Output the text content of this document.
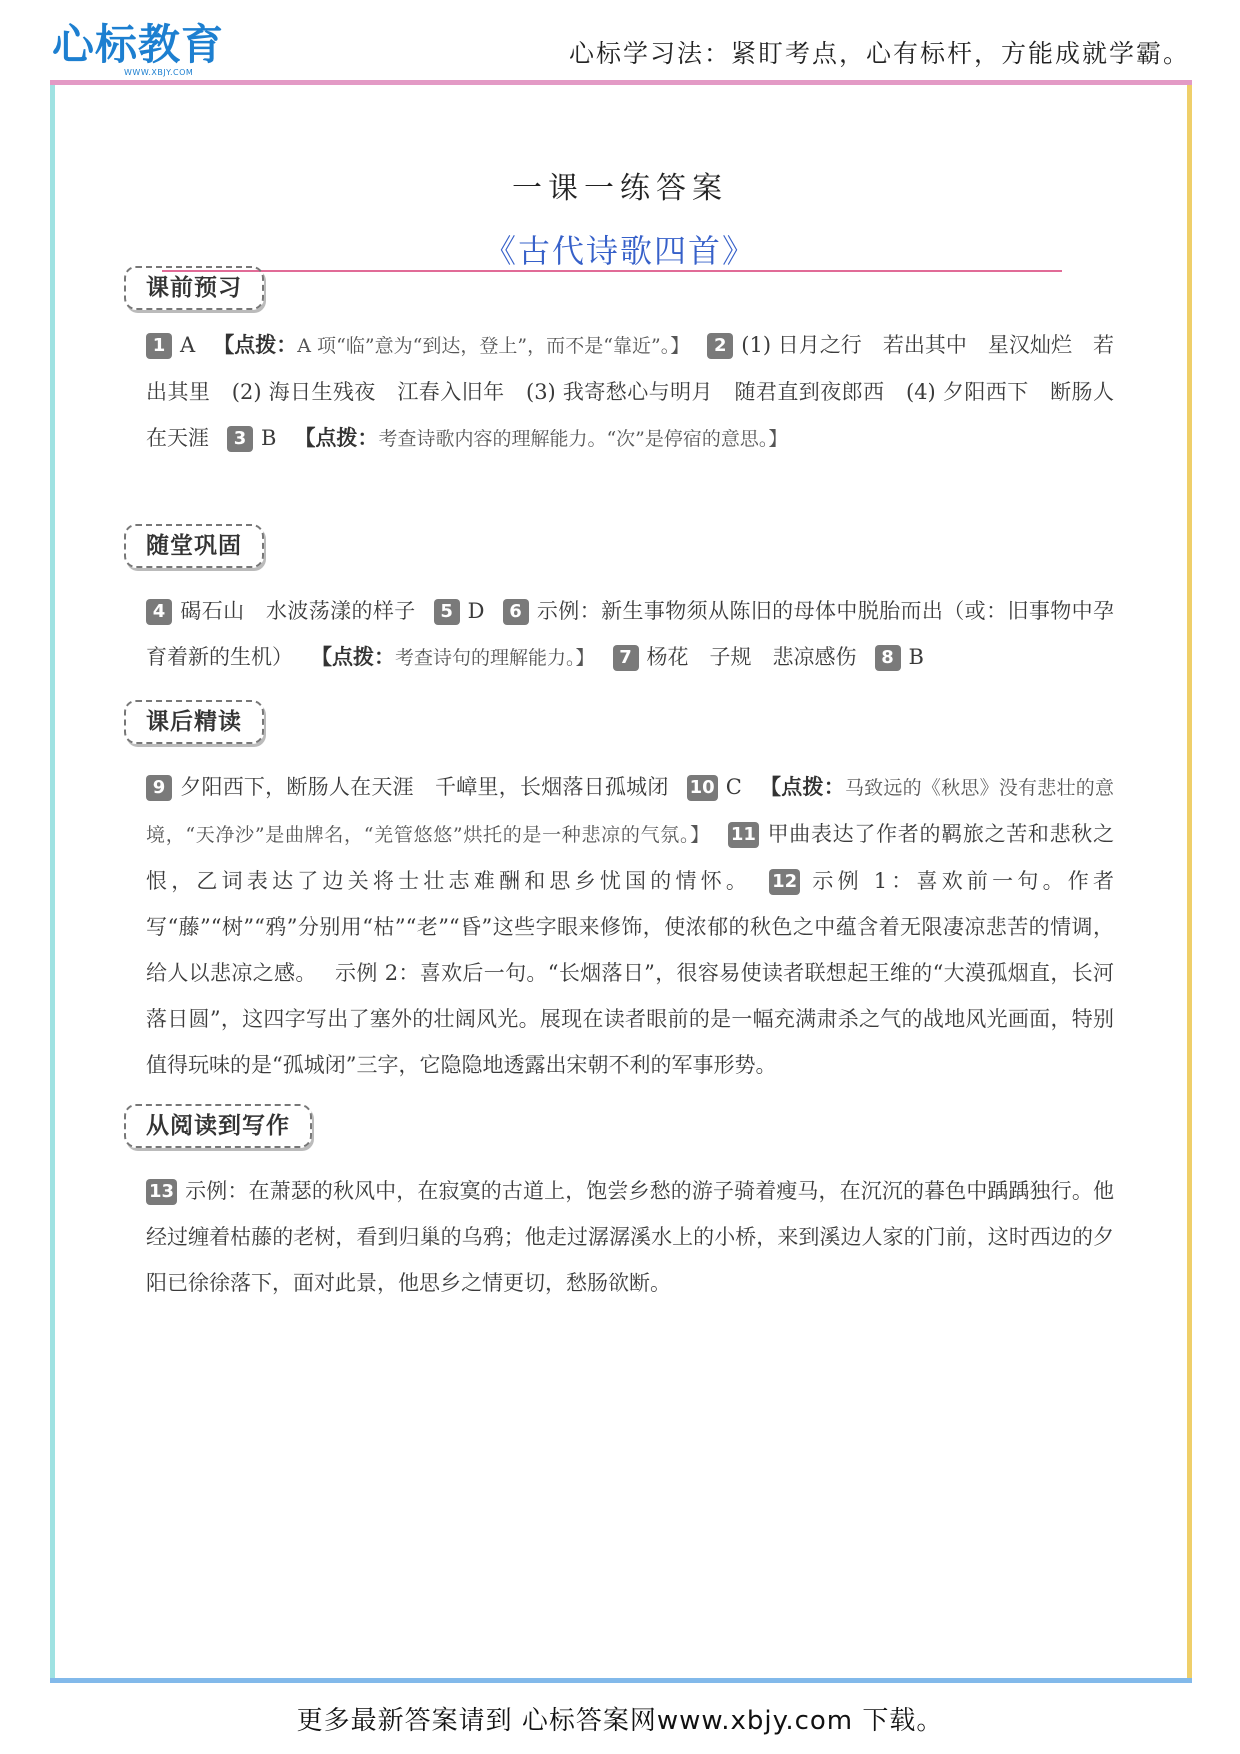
心标教育
WWW.XBJY.COM
心标学习法：紧盯考点，心有标杆，方能成就学霸。
一课一练答案
《古代诗歌四首》
课前预习
1 A 【点拨：A 项“临”意为“到达，登上”，而不是“靠近”。】 2 (1) 日月之行　若出其中　星汉灿烂　若出其里　(2) 海日生残夜　江春入旧年　(3) 我寄愁心与明月　随君直到夜郎西　(4) 夕阳西下　断肠人在天涯 3 B 【点拨：考查诗歌内容的理解能力。“次”是停宿的意思。】
随堂巩固
4 碣石山　水波荡漾的样子 5 D 6 示例：新生事物须从陈旧的母体中脱胎而出（或：旧事物中孕育着新的生机） 【点拨：考查诗句的理解能力。】 7 杨花　子规　悲凉感伤 8 B
课后精读
9 夕阳西下，断肠人在天涯　千嶂里，长烟落日孤城闭 10 C 【点拨：马致远的《秋思》没有悲壮的意境，“天净沙”是曲牌名，“羌管悠悠”烘托的是一种悲凉的气氛。】 11 甲曲表达了作者的羁旅之苦和悲秋之恨，乙词表达了边关将士壮志难酬和思乡忧国的情怀。 12 示例 1：喜欢前一句。作者写“藤”“树”“鸦”分别用“枯”“老”“昏”这些字眼来修饰，使浓郁的秋色之中蕴含着无限凄凉悲苦的情调，给人以悲凉之感。 示例 2：喜欢后一句。“长烟落日”，很容易使读者联想起王维的“大漠孤烟直，长河落日圆”，这四字写出了塞外的壮阔风光。展现在读者眼前的是一幅充满肃杀之气的战地风光画面，特别值得玩味的是“孤城闭”三字，它隐隐地透露出宋朝不利的军事形势。
从阅读到写作
13 示例：在萧瑟的秋风中，在寂寞的古道上，饱尝乡愁的游子骑着瘦马，在沉沉的暮色中踽踽独行。他经过缠着枯藤的老树，看到归巢的乌鸦；他走过潺潺溪水上的小桥，来到溪边人家的门前，这时西边的夕阳已徐徐落下，面对此景，他思乡之情更切，愁肠欲断。
更多最新答案请到 心标答案网www.xbjy.com 下载。
